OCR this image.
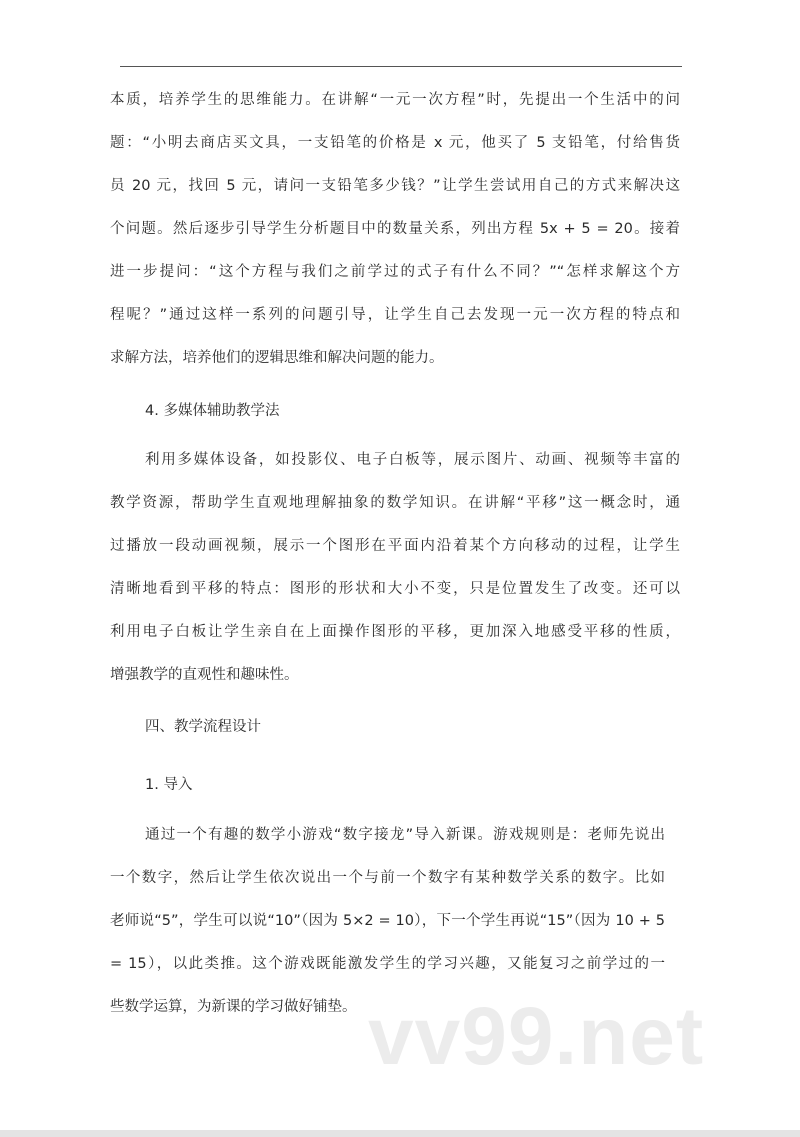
本质，培养学生的思维能力。在讲解“一元一次方程”时，先提出一个生活中的问
题：“小明去商店买文具，一支铅笔的价格是 x 元，他买了 5 支铅笔，付给售货
员 20 元，找回 5 元，请问一支铅笔多少钱？”让学生尝试用自己的方式来解决这
个问题。然后逐步引导学生分析题目中的数量关系，列出方程 5x + 5 = 20。接着
进一步提问：“这个方程与我们之前学过的式子有什么不同？”“怎样求解这个方
程呢？”通过这样一系列的问题引导，让学生自己去发现一元一次方程的特点和
求解方法，培养他们的逻辑思维和解决问题的能力。
4. 多媒体辅助教学法
利用多媒体设备，如投影仪、电子白板等，展示图片、动画、视频等丰富的
教学资源，帮助学生直观地理解抽象的数学知识。在讲解“平移”这一概念时，通
过播放一段动画视频，展示一个图形在平面内沿着某个方向移动的过程，让学生
清晰地看到平移的特点：图形的形状和大小不变，只是位置发生了改变。还可以
利用电子白板让学生亲自在上面操作图形的平移，更加深入地感受平移的性质，
增强教学的直观性和趣味性。
四、教学流程设计
1. 导入
通过一个有趣的数学小游戏“数字接龙”导入新课。游戏规则是：老师先说出
一个数字，然后让学生依次说出一个与前一个数字有某种数学关系的数字。比如
老师说“5”，学生可以说“10”（因为 5×2 = 10），下一个学生再说“15”（因为 10 + 5
= 15），以此类推。这个游戏既能激发学生的学习兴趣，又能复习之前学过的一
些数学运算，为新课的学习做好铺垫。 vv99.net
